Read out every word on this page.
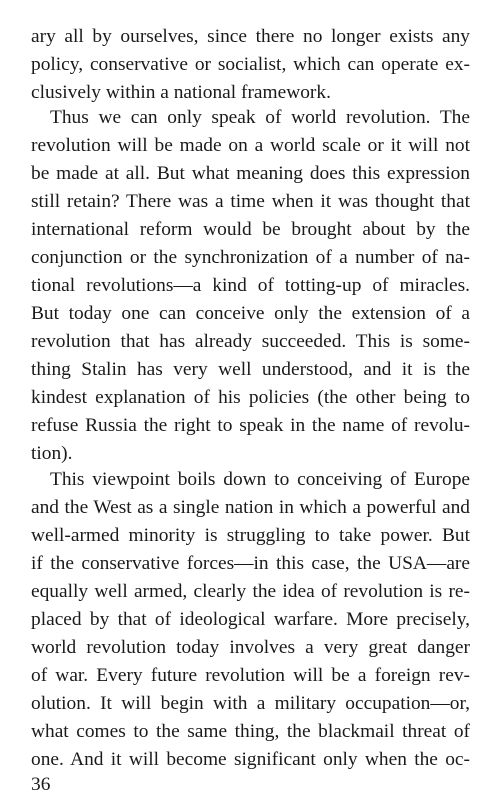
ary all by ourselves, since there no longer exists any
policy, conservative or socialist, which can operate ex-
clusively within a national framework.
Thus we can only speak of world revolution. The
revolution will be made on a world scale or it will not
be made at all. But what meaning does this expression
still retain? There was a time when it was thought that
international reform would be brought about by the
conjunction or the synchronization of a number of na-
tional revolutions—a kind of totting-up of miracles.
But today one can conceive only the extension of a
revolution that has already succeeded. This is some-
thing Stalin has very well understood, and it is the
kindest explanation of his policies (the other being to
refuse Russia the right to speak in the name of revolu-
tion).
This viewpoint boils down to conceiving of Europe
and the West as a single nation in which a powerful and
well-armed minority is struggling to take power. But
if the conservative forces—in this case, the USA—are
equally well armed, clearly the idea of revolution is re-
placed by that of ideological warfare. More precisely,
world revolution today involves a very great danger
of war. Every future revolution will be a foreign rev-
olution. It will begin with a military occupation—or,
what comes to the same thing, the blackmail threat of
one. And it will become significant only when the oc-
36
